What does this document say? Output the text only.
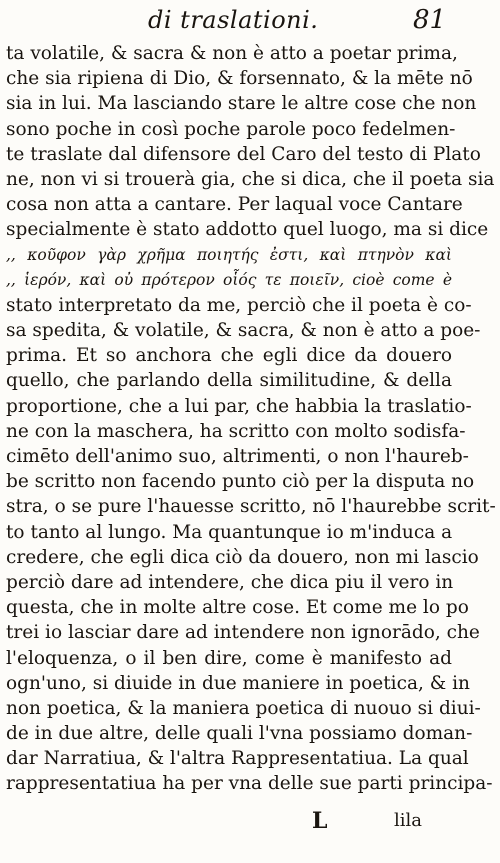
di traslationi.	81
ta volatile, & sacra & non è atto a poetar prima,
che sia ripiena di Dio, & forsennato, & la mēte nō
sia in lui. Ma lasciando stare le altre cose che non
sono poche in così poche parole poco fedelmen-
te traslate dal difensore del Caro del testo di Plato
ne, non vi si trouerà gia, che si dica, che il poeta sia
cosa non atta a cantare. Per laqual voce Cantare
specialmente è stato addotto quel luogo, ma si dice
,, κοῦφον γὰρ χρῆμα ποιητής ἐστι, καὶ πτηνὸν καὶ
,, ἱερόν, καὶ οὐ πρότερον οἷός τε ποιεῖν, cioè come è
stato interpretato da me, perciò che il poeta è co-
sa spedita, & volatile, & sacra, & non è atto a poe-
prima. Et so anchora che egli dice da douero
quello, che parlando della similitudine, & della
proportione, che a lui par, che habbia la traslatio-
ne con la maschera, ha scritto con molto sodisfa-
cimēto dell'animo suo, altrimenti, o non l'haureb-
be scritto non facendo punto ciò per la disputa no
stra, o se pure l'hauesse scritto, nō l'haurebbe scrit-
to tanto al lungo. Ma quantunque io m'induca a
credere, che egli dica ciò da douero, non mi lascio
perciò dare ad intendere, che dica piu il vero in
questa, che in molte altre cose. Et come me lo po
trei io lasciar dare ad intendere non ignorādo, che
l'eloquenza, o il ben dire, come è manifesto ad
ogn'uno, si diuide in due maniere in poetica, & in
non poetica, & la maniera poetica di nuouo si diui-
de in due altre, delle quali l'vna possiamo doman-
dar Narratiua, & l'altra Rappresentatiua. La qual
rappresentatiua ha per vna delle sue parti principa-
L	lila
